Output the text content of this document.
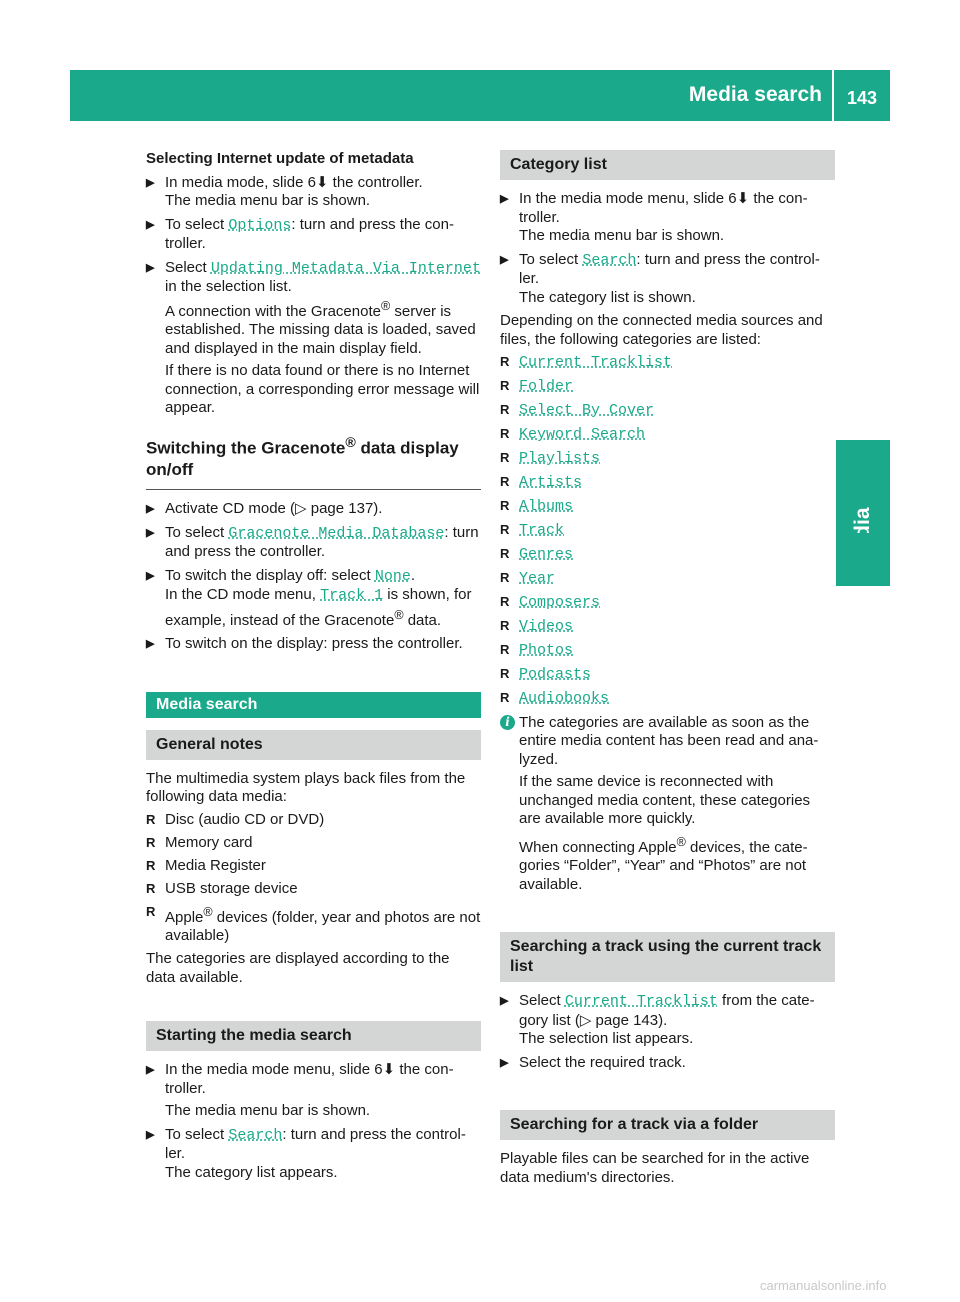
Media search	143
Selecting Internet update of metadata
▶ In media mode, slide 6⬇ the controller.
The media menu bar is shown.
▶ To select Options: turn and press the con-troller.
▶ Select Updating Metadata Via Internet
in the selection list.
A connection with the Gracenote® server is established. The missing data is loaded, saved and displayed in the main display field.
If there is no data found or there is no Internet connection, a corresponding error message will appear.
Switching the Gracenote® data display on/off
▶ Activate CD mode (▷ page 137).
▶ To select Gracenote Media Database: turn and press the controller.
▶ To switch the display off: select None.
In the CD mode menu, Track 1 is shown, for example, instead of the Gracenote® data.
▶ To switch on the display: press the controller.
Media search
General notes
The multimedia system plays back files from the following data media:
R Disc (audio CD or DVD)
R Memory card
R Media Register
R USB storage device
R Apple® devices (folder, year and photos are not available)
The categories are displayed according to the data available.
Starting the media search
▶ In the media mode menu, slide 6⬇ the con-troller.
The media menu bar is shown.
▶ To select Search: turn and press the control-ler.
The category list appears.
Category list
▶ In the media mode menu, slide 6⬇ the con-troller.
The media menu bar is shown.
▶ To select Search: turn and press the control-ler.
The category list is shown.
Depending on the connected media sources and files, the following categories are listed:
R Current Tracklist
R Folder
R Select By Cover
R Keyword Search
R Playlists
R Artists
R Albums
R Track
R Genres
R Year
R Composers
R Videos
R Photos
R Podcasts
R Audiobooks
i The categories are available as soon as the entire media content has been read and ana-lyzed.
If the same device is reconnected with unchanged media content, these categories are available more quickly.
When connecting Apple® devices, the cate-gories “Folder”, “Year” and “Photos” are not available.
Searching a track using the current track list
▶ Select Current Tracklist from the cate-gory list (▷ page 143).
The selection list appears.
▶ Select the required track.
Searching for a track via a folder
Playable files can be searched for in the active data medium's directories.
carmanualsonline.info
